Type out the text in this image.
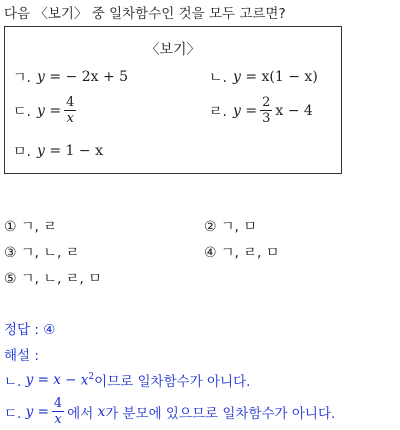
다음 〈보기〉 중 일차함수인 것을 모두 고르면?
〈보기〉
ㄱ. y
= − 2x + 5	ㄴ. y
= x(1 − x)
ㄷ. y
= $\frac{4}{x}$	ㄹ. y
= $\frac{2}{3}$ x − 4
ㅁ. y
= 1 − x
① ㄱ, ㄹ	② ㄱ, ㅁ
③ ㄱ, ㄴ, ㄹ	④ ㄱ, ㄹ, ㅁ
⑤ ㄱ, ㄴ, ㄹ, ㅁ
정답 : ④
해설 :
ㄴ.
$y = x - x^2$ 이므로 일차함수가 아니다.
ㄷ.
$y = \frac{4}{x}$ 에서
x 가 분모에 있으므로 일차함수가 아니다.
